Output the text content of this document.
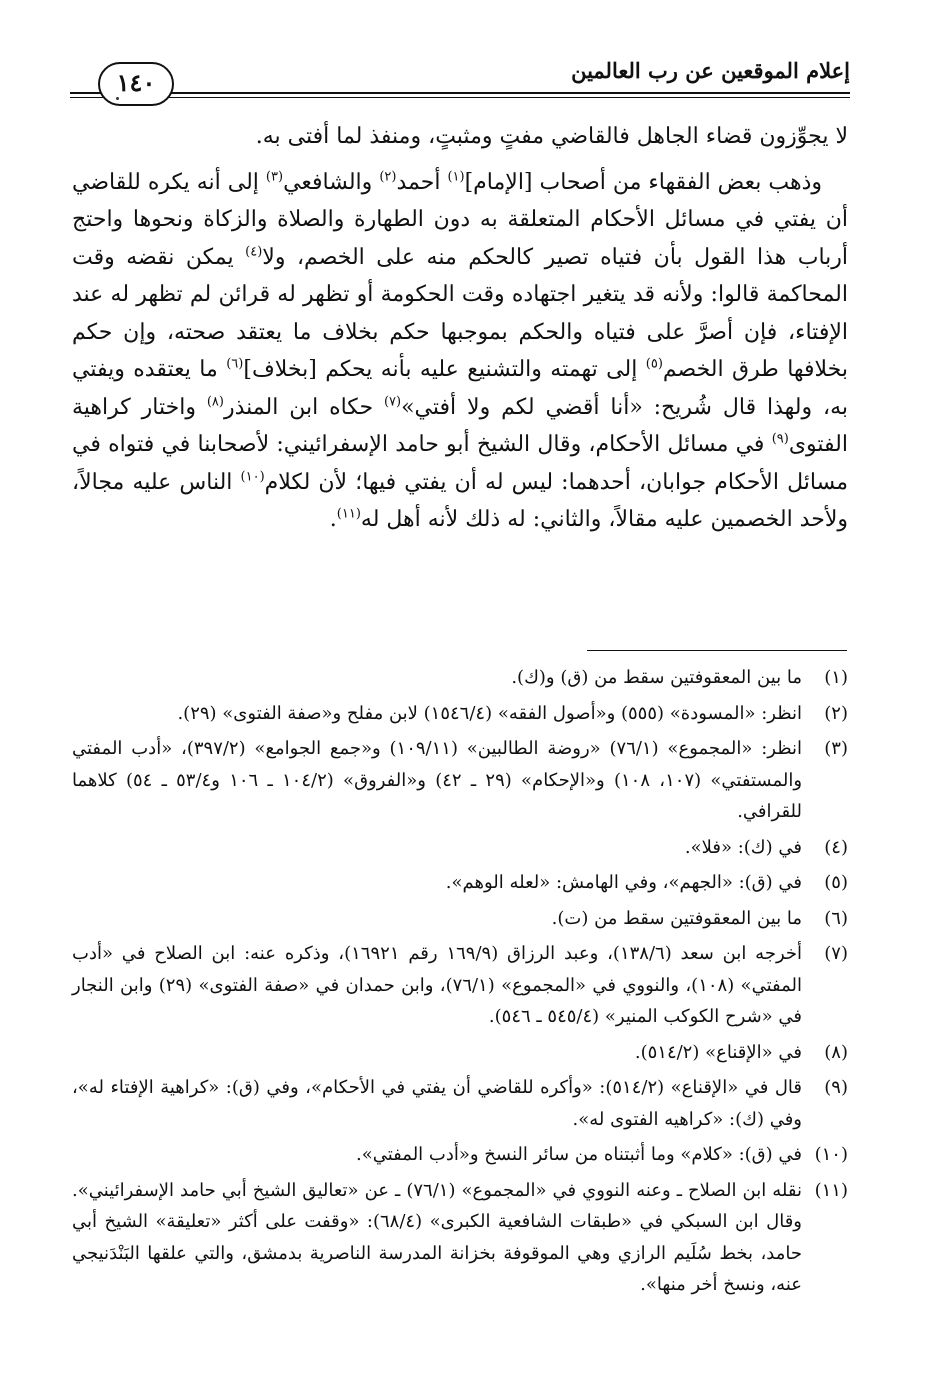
إعلام الموقعين عن رب العالمين
١٤٠

لا يجوِّزون قضاء الجاهل فالقاضي مفتٍ ومثبتٍ، ومنفذ لما أفتى به.

وذهب بعض الفقهاء من أصحاب [الإمام]$^{(١)}$ أحمد$^{(٢)}$ والشافعي$^{(٣)}$ إلى أنه يكره للقاضي أن يفتي في مسائل الأحكام المتعلقة به دون الطهارة والصلاة والزكاة ونحوها واحتج أرباب هذا القول بأن فتياه تصير كالحكم منه على الخصم، ولا$^{(٤)}$ يمكن نقضه وقت المحاكمة قالوا: ولأنه قد يتغير اجتهاده وقت الحكومة أو تظهر له قرائن لم تظهر له عند الإفتاء، فإن أصرَّ على فتياه والحكم بموجبها حكم بخلاف ما يعتقد صحته، وإن حكم بخلافها طرق الخصم$^{(٥)}$ إلى تهمته والتشنيع عليه بأنه يحكم [بخلاف]$^{(٦)}$ ما يعتقده ويفتي به، ولهذا قال شُريح: «أنا أقضي لكم ولا أفتي»$^{(٧)}$ حكاه ابن المنذر$^{(٨)}$ واختار كراهية الفتوى$^{(٩)}$ في مسائل الأحكام، وقال الشيخ أبو حامد الإسفرائيني: لأصحابنا في فتواه في مسائل الأحكام جوابان، أحدهما: ليس له أن يفتي فيها؛ لأن لكلام$^{(١٠)}$ الناس عليه مجالاً، ولأحد الخصمين عليه مقالاً، والثاني: له ذلك لأنه أهل له$^{(١١)}$.

(١)
ما بين المعقوفتين سقط من (ق) و(ك).
(٢)
انظر: «المسودة» (٥٥٥) و«أصول الفقه» (١٥٤٦/٤) لابن مفلح و«صفة الفتوى» (٢٩).
(٣)
انظر: «المجموع» (٧٦/١) «روضة الطالبين» (١٠٩/١١) و«جمع الجوامع» (٣٩٧/٢)، «أدب المفتي والمستفتي» (١٠٧، ١٠٨) و«الإحكام» (٢٩ ـ ٤٢) و«الفروق» (١٠٤/٢ ـ ١٠٦ و٥٣/٤ ـ ٥٤) كلاهما للقرافي.
(٤)
في (ك): «فلا».
(٥)
في (ق): «الجهم»، وفي الهامش: «لعله الوهم».
(٦)
ما بين المعقوفتين سقط من (ت).
(٧)
أخرجه ابن سعد (١٣٨/٦)، وعبد الرزاق (١٦٩/٩ رقم ١٦٩٢١)، وذكره عنه: ابن الصلاح في «أدب المفتي» (١٠٨)، والنووي في «المجموع» (٧٦/١)، وابن حمدان في «صفة الفتوى» (٢٩) وابن النجار في «شرح الكوكب المنير» (٥٤٥/٤ ـ ٥٤٦).
(٨)
في «الإقناع» (٥١٤/٢).
(٩)
قال في «الإقناع» (٥١٤/٢): «وأكره للقاضي أن يفتي في الأحكام»، وفي (ق): «كراهية الإفتاء له»، وفي (ك): «كراهيه الفتوى له».
(١٠)
في (ق): «كلام» وما أثبتناه من سائر النسخ و«أدب المفتي».
(١١)
نقله ابن الصلاح ـ وعنه النووي في «المجموع» (٧٦/١) ـ عن «تعاليق الشيخ أبي حامد الإسفرائيني». وقال ابن السبكي في «طبقات الشافعية الكبرى» (٦٨/٤): «وقفت على أكثر «تعليقة» الشيخ أبي حامد، بخط سُلَيم الرازي وهي الموقوفة بخزانة المدرسة الناصرية بدمشق، والتي علقها البَنْدَنيجي عنه، ونسخ أخر منها».
